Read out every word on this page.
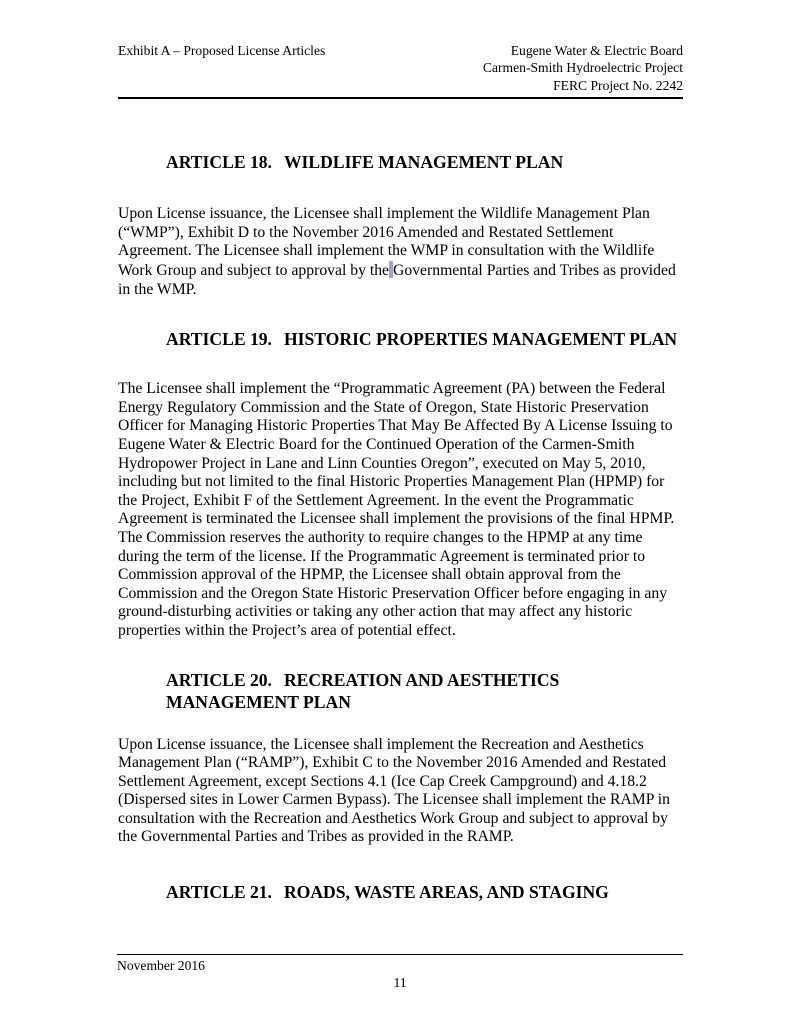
Exhibit A – Proposed License Articles	Eugene Water & Electric Board
Carmen-Smith Hydroelectric Project
FERC Project No. 2242
ARTICLE 18. WILDLIFE MANAGEMENT PLAN

Upon License issuance, the Licensee shall implement the Wildlife Management Plan (“WMP”), Exhibit D to the November 2016 Amended and Restated Settlement Agreement. The Licensee shall implement the WMP in consultation with the Wildlife Work Group and subject to approval by the Governmental Parties and Tribes as provided in the WMP.

ARTICLE 19. HISTORIC PROPERTIES MANAGEMENT PLAN

The Licensee shall implement the “Programmatic Agreement (PA) between the Federal Energy Regulatory Commission and the State of Oregon, State Historic Preservation Officer for Managing Historic Properties That May Be Affected By A License Issuing to Eugene Water & Electric Board for the Continued Operation of the Carmen-Smith Hydropower Project in Lane and Linn Counties Oregon”, executed on May 5, 2010, including but not limited to the final Historic Properties Management Plan (HPMP) for the Project, Exhibit F of the Settlement Agreement. In the event the Programmatic Agreement is terminated the Licensee shall implement the provisions of the final HPMP. The Commission reserves the authority to require changes to the HPMP at any time during the term of the license. If the Programmatic Agreement is terminated prior to Commission approval of the HPMP, the Licensee shall obtain approval from the Commission and the Oregon State Historic Preservation Officer before engaging in any ground-disturbing activities or taking any other action that may affect any historic properties within the Project’s area of potential effect.

ARTICLE 20. RECREATION AND AESTHETICS MANAGEMENT PLAN

Upon License issuance, the Licensee shall implement the Recreation and Aesthetics Management Plan (“RAMP”), Exhibit C to the November 2016 Amended and Restated Settlement Agreement, except Sections 4.1 (Ice Cap Creek Campground) and 4.18.2 (Dispersed sites in Lower Carmen Bypass). The Licensee shall implement the RAMP in consultation with the Recreation and Aesthetics Work Group and subject to approval by the Governmental Parties and Tribes as provided in the RAMP.

ARTICLE 21. ROADS, WASTE AREAS, AND STAGING
November 2016
11
